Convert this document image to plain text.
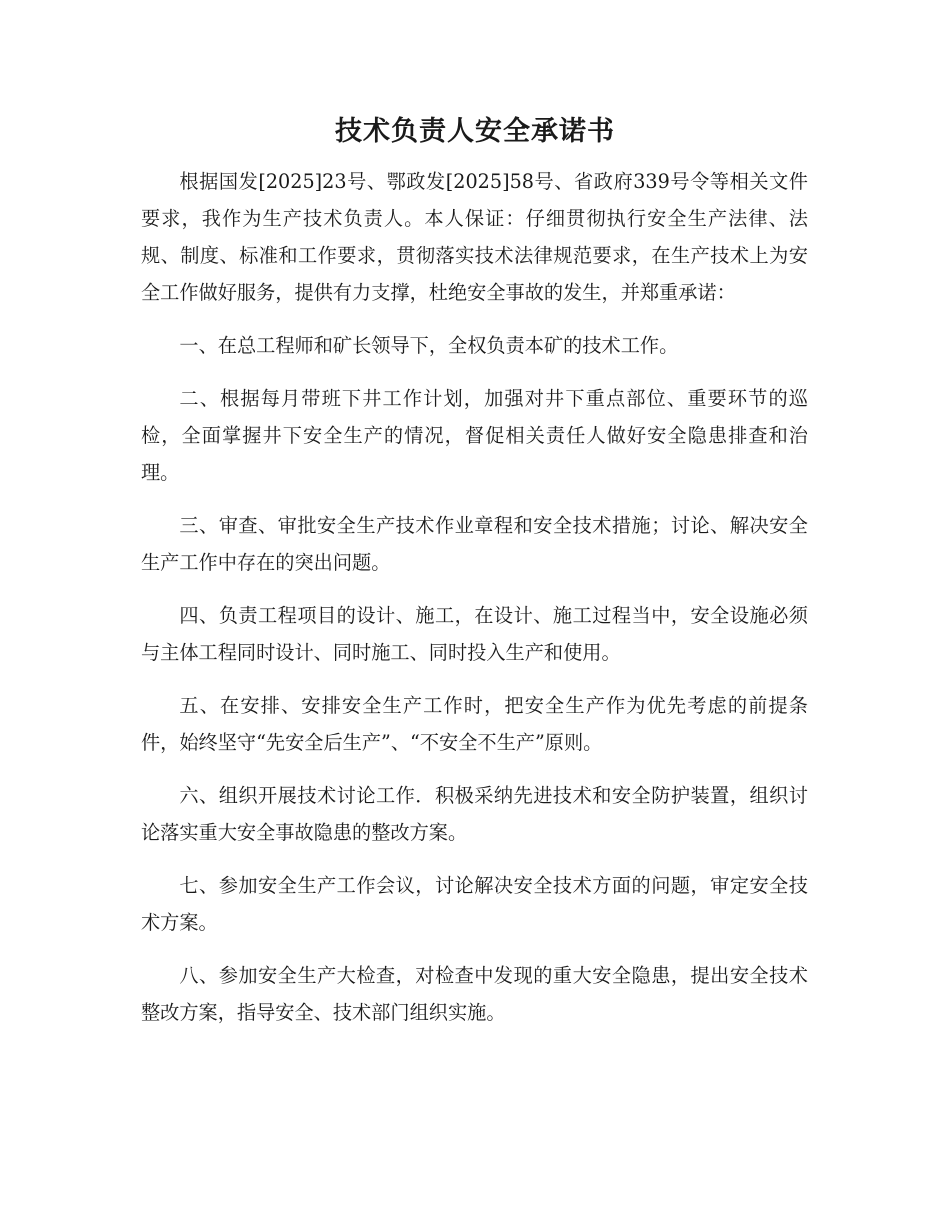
技术负责人安全承诺书

根据国发[2025]23号、鄂政发[2025]58号、省政府339号令等相关文件要求，我作为生产技术负责人。本人保证：仔细贯彻执行安全生产法律、法规、制度、标准和工作要求，贯彻落实技术法律规范要求，在生产技术上为安全工作做好服务，提供有力支撑，杜绝安全事故的发生，并郑重承诺：

一、在总工程师和矿长领导下，全权负责本矿的技术工作。

二、根据每月带班下井工作计划，加强对井下重点部位、重要环节的巡检，全面掌握井下安全生产的情况，督促相关责任人做好安全隐患排查和治理。

三、审查、审批安全生产技术作业章程和安全技术措施；讨论、解决安全生产工作中存在的突出问题。

四、负责工程项目的设计、施工，在设计、施工过程当中，安全设施必须与主体工程同时设计、同时施工、同时投入生产和使用。

五、在安排、安排安全生产工作时，把安全生产作为优先考虑的前提条件，始终坚守“先安全后生产”、“不安全不生产”原则。

六、组织开展技术讨论工作．积极采纳先进技术和安全防护装置，组织讨论落实重大安全事故隐患的整改方案。

七、参加安全生产工作会议，讨论解决安全技术方面的问题，审定安全技术方案。

八、参加安全生产大检查，对检查中发现的重大安全隐患，提出安全技术整改方案，指导安全、技术部门组织实施。
